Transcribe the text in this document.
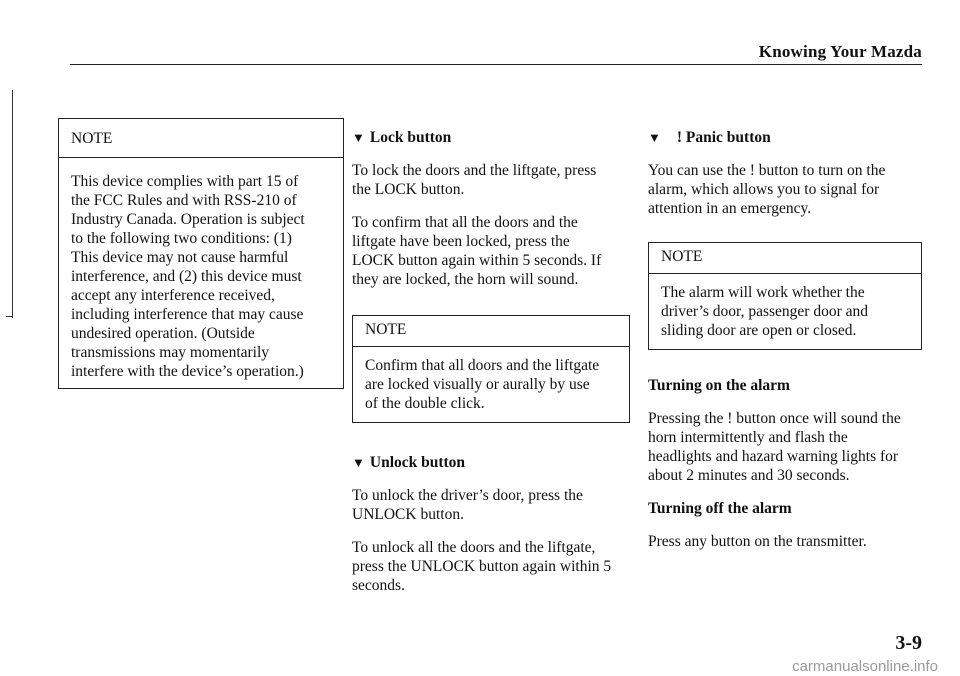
Knowing Your Mazda
NOTE
This device complies with part 15 of
the FCC Rules and with RSS-210 of
Industry Canada. Operation is subject
to the following two conditions: (1)
This device may not cause harmful
interference, and (2) this device must
accept any interference received,
including interference that may cause
undesired operation. (Outside
transmissions may momentarily
interfere with the device’s operation.)
▼ Lock button
To lock the doors and the liftgate, press
the LOCK button.
To confirm that all the doors and the
liftgate have been locked, press the
LOCK button again within 5 seconds. If
they are locked, the horn will sound.
NOTE
Confirm that all doors and the liftgate
are locked visually or aurally by use
of the double click.
▼ Unlock button
To unlock the driver’s door, press the
UNLOCK button.
To unlock all the doors and the liftgate,
press the UNLOCK button again within 5
seconds.
▼ ! Panic button
You can use the ! button to turn on the
alarm, which allows you to signal for
attention in an emergency.
NOTE
The alarm will work whether the
driver’s door, passenger door and
sliding door are open or closed.
Turning on the alarm
Pressing the ! button once will sound the
horn intermittently and flash the
headlights and hazard warning lights for
about 2 minutes and 30 seconds.
Turning off the alarm
Press any button on the transmitter.
3-9
carmanualsonline.info
